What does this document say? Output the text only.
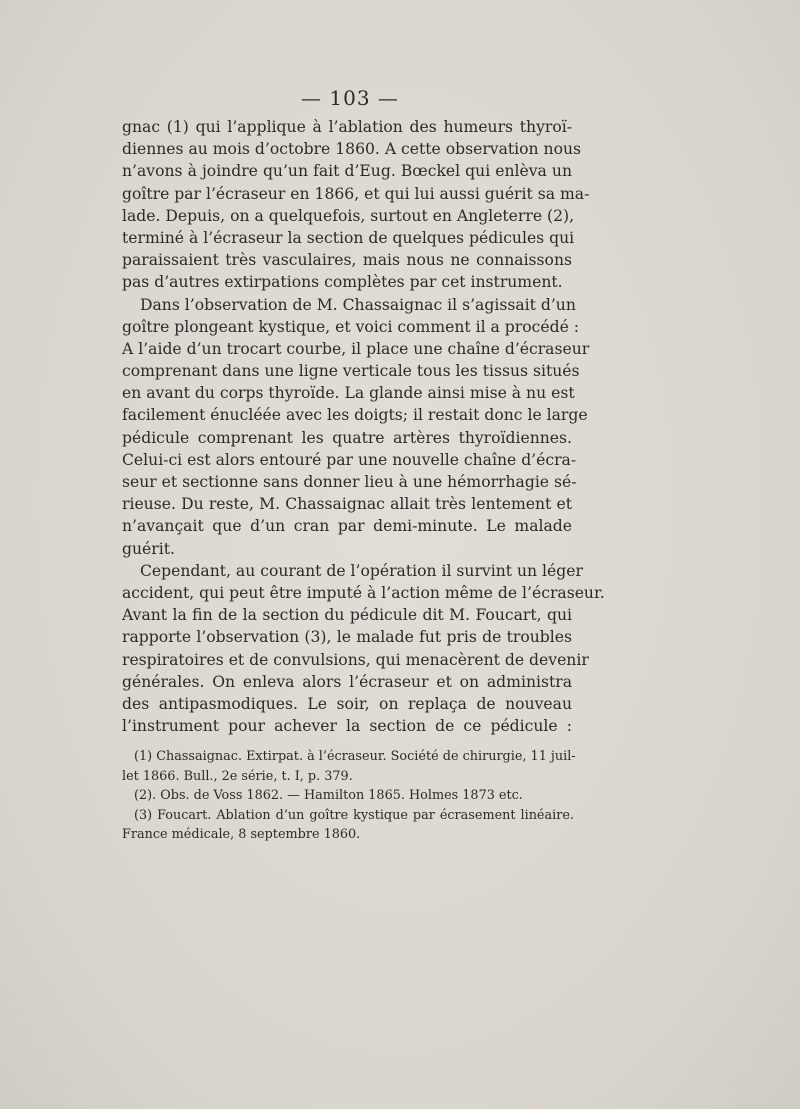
— 103 —
gnac (1) qui l’applique à l’ablation des humeurs thyroï-
diennes au mois d’octobre 1860. A cette observation nous
n’avons à joindre qu’un fait d’Eug. Bœckel qui enlèva un
goître par l’écraseur en 1866, et qui lui aussi guérit sa ma-
lade. Depuis, on a quelquefois, surtout en Angleterre (2),
terminé à l’écraseur la section de quelques pédicules qui
paraissaient très vasculaires, mais nous ne connaissons
pas d’autres extirpations complètes par cet instrument.
Dans l’observation de M. Chassaignac il s’agissait d’un
goître plongeant kystique, et voici comment il a procédé :
A l’aide d’un trocart courbe, il place une chaîne d’écraseur
comprenant dans une ligne verticale tous les tissus situés
en avant du corps thyroïde. La glande ainsi mise à nu est
facilement énucléée avec les doigts; il restait donc le large
pédicule comprenant les quatre artères thyroïdiennes.
Celui-ci est alors entouré par une nouvelle chaîne d’écra-
seur et sectionne sans donner lieu à une hémorrhagie sé-
rieuse. Du reste, M. Chassaignac allait très lentement et
n’avançait que d’un cran par demi-minute. Le malade
guérit.
Cependant, au courant de l’opération il survint un léger
accident, qui peut être imputé à l’action même de l’écraseur.
Avant la fin de la section du pédicule dit M. Foucart, qui
rapporte l’observation (3), le malade fut pris de troubles
respiratoires et de convulsions, qui menacèrent de devenir
générales. On enleva alors l’écraseur et on administra
des antipasmodiques. Le soir, on replaça de nouveau
l’instrument pour achever la section de ce pédicule :
(1) Chassaignac. Extirpat. à l’écraseur. Société de chirurgie, 11 juil-
let 1866. Bull., 2e série, t. I, p. 379.
(2). Obs. de Voss 1862. — Hamilton 1865. Holmes 1873 etc.
(3) Foucart. Ablation d’un goître kystique par écrasement linéaire.
France médicale, 8 septembre 1860.
